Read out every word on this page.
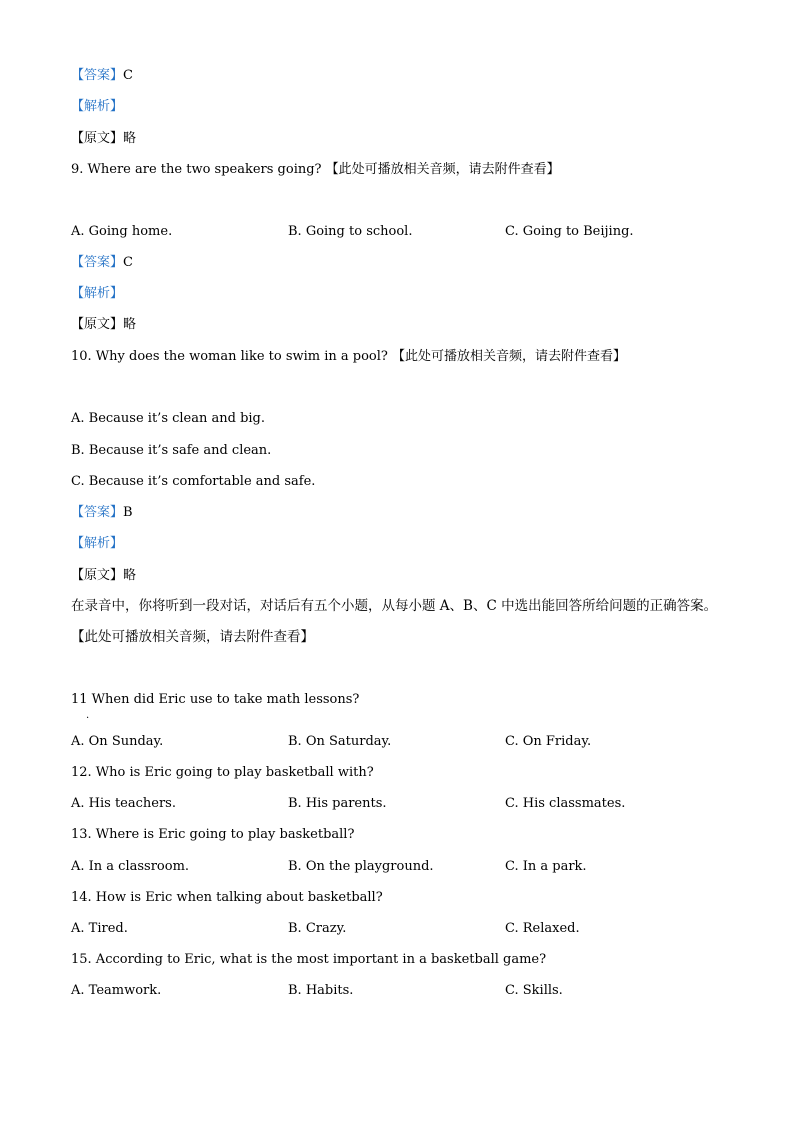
【答案】C
【解析】
【原文】略
9. Where are the two speakers going? 【此处可播放相关音频，请去附件查看】
A. Going home.	B. Going to school.	C. Going to Beijing.
【答案】C
【解析】
【原文】略
10. Why does the woman like to swim in a pool? 【此处可播放相关音频，请去附件查看】
A. Because it’s clean and big.
B. Because it’s safe and clean.
C. Because it’s comfortable and safe.
【答案】B
【解析】
【原文】略
在录音中，你将听到一段对话，对话后有五个小题，从每小题 A、B、C 中选出能回答所给问题的正确答案。【此处可播放相关音频，请去附件查看】
11 When did Eric use to take math lessons?
.
A. On Sunday.	B. On Saturday.	C. On Friday.
12. Who is Eric going to play basketball with?
A. His teachers.	B. His parents.	C. His classmates.
13. Where is Eric going to play basketball?
A. In a classroom.	B. On the playground.	C. In a park.
14. How is Eric when talking about basketball?
A. Tired.	B. Crazy.	C. Relaxed.
15. According to Eric, what is the most important in a basketball game?
A. Teamwork.	B. Habits.	C. Skills.
